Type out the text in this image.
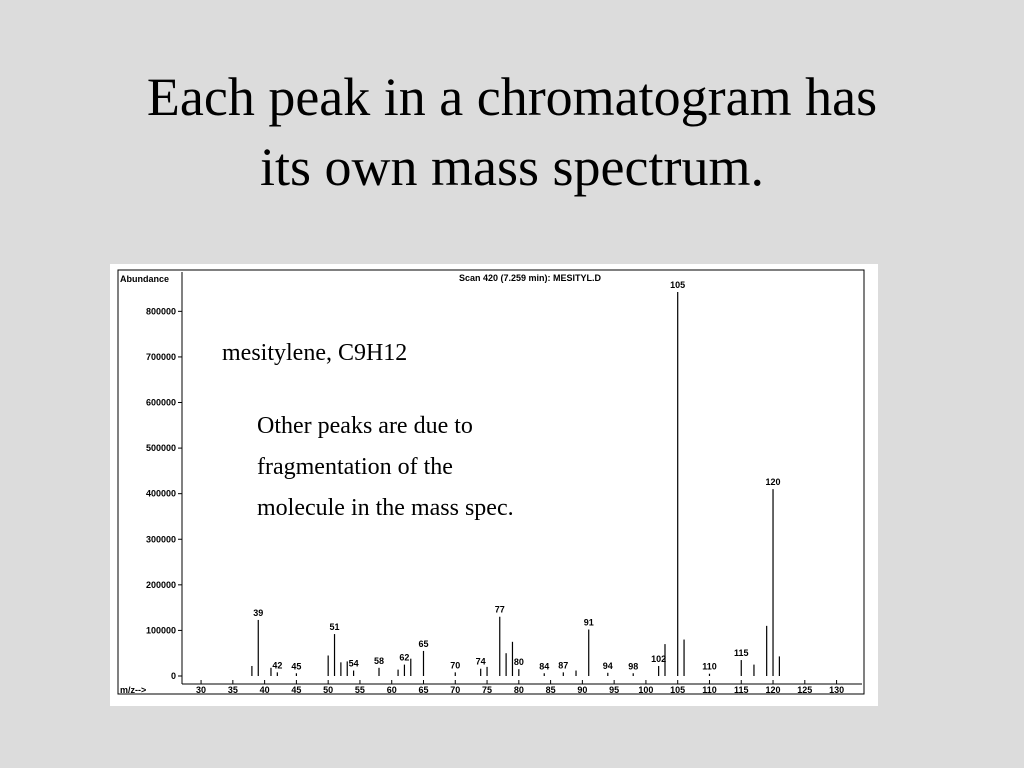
Each peak in a chromatogram has
its own mass spectrum.
Abundance	Scan 420 (7.259 min): MESITYL.D
m/z-->
0
100000
200000
300000
400000
500000
600000
700000
800000
30 35 40 45 50 55 60 65 70 75 80 85 90 95 100 105 110 115 120 125 130
39
42 45
51
54 58 62
65
70 74
77
80 84 87
91
94 98
102
105
110
115
120
mesitylene, C9H12
Other peaks are due to
fragmentation of the
molecule in the mass spec.
